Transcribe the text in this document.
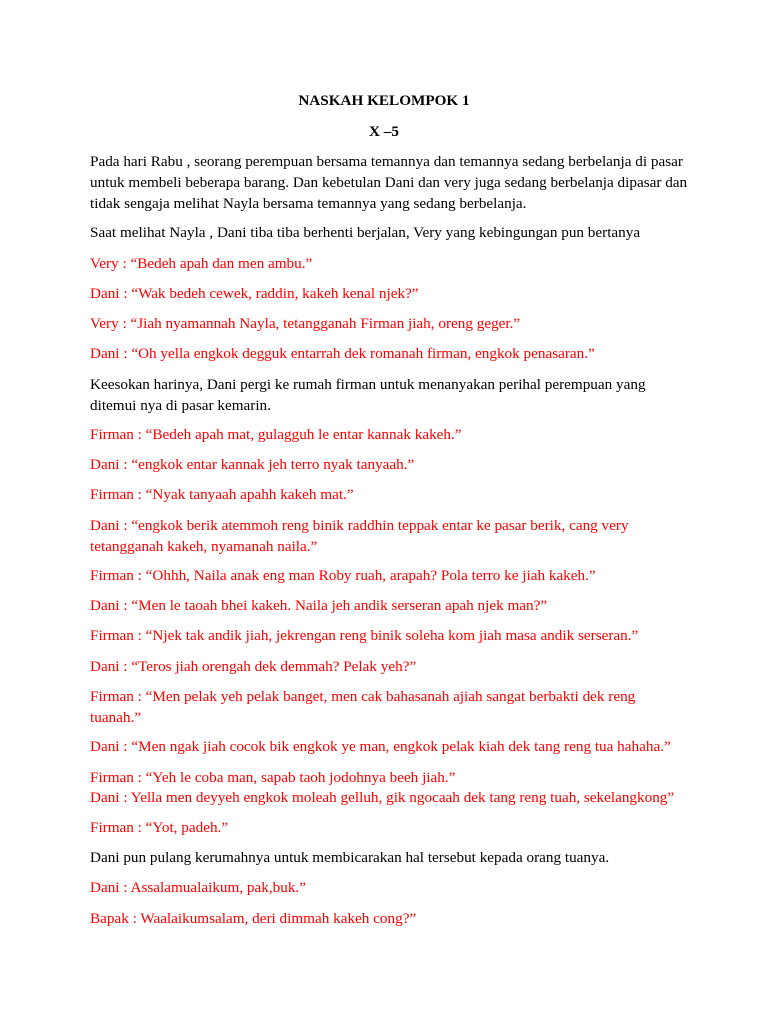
NASKAH KELOMPOK 1
X –5

Pada hari Rabu , seorang perempuan bersama temannya dan temannya sedang berbelanja di pasar untuk membeli beberapa barang. Dan kebetulan Dani dan very juga sedang berbelanja dipasar dan tidak sengaja melihat Nayla bersama temannya yang sedang berbelanja.

Saat melihat Nayla , Dani tiba tiba berhenti berjalan, Very yang kebingungan pun bertanya

Very : “Bedeh apah dan men ambu.”

Dani : “Wak bedeh cewek, raddin, kakeh kenal njek?”

Very : “Jiah nyamannah Nayla, tetangganah Firman jiah, oreng geger.”

Dani : “Oh yella engkok degguk entarrah dek romanah firman, engkok penasaran.”

Keesokan harinya, Dani pergi ke rumah firman untuk menanyakan perihal perempuan yang ditemui nya di pasar kemarin.

Firman : “Bedeh apah mat, gulagguh le entar kannak kakeh.”

Dani : “engkok entar kannak jeh terro nyak tanyaah.”

Firman : “Nyak tanyaah apahh kakeh mat.”

Dani : “engkok berik atemmoh reng binik raddhin teppak entar ke pasar berik, cang very tetangganah kakeh, nyamanah naila.”

Firman : “Ohhh, Naila anak eng man Roby ruah, arapah? Pola terro ke jiah kakeh.”

Dani : “Men le taoah bhei kakeh. Naila jeh andik serseran apah njek man?”

Firman : “Njek tak andik jiah, jekrengan reng binik soleha kom jiah masa andik serseran.”

Dani : “Teros jiah orengah dek demmah? Pelak yeh?”

Firman : “Men pelak yeh pelak banget, men cak bahasanah ajiah sangat berbakti dek reng tuanah.”

Dani : “Men ngak jiah cocok bik engkok ye man, engkok pelak kiah dek tang reng tua hahaha.”

Firman : “Yeh le coba man, sapab taoh jodohnya beeh jiah.”

Dani : Yella men deyyeh engkok moleah gelluh, gik ngocaah dek tang reng tuah, sekelangkong”

Firman : “Yot, padeh.”

Dani pun pulang kerumahnya untuk membicarakan hal tersebut kepada orang tuanya.

Dani : Assalamualaikum, pak,buk.”

Bapak : Waalaikumsalam, deri dimmah kakeh cong?”
